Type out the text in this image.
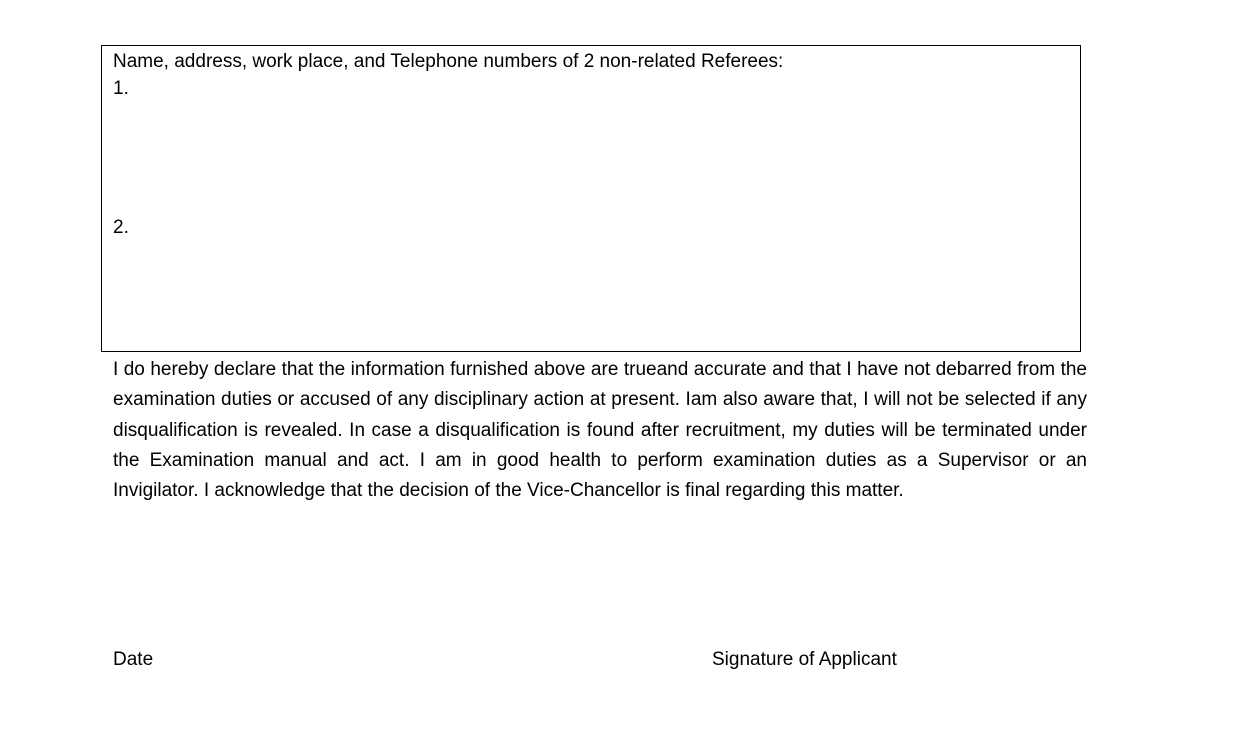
Name, address, work place, and Telephone numbers of 2 non-related Referees:
1.
2.

I do hereby declare that the information furnished above are trueand accurate and that I have not debarred from the examination duties or accused of any disciplinary action at present. Iam also aware that, I will not be selected if any disqualification is revealed. In case a disqualification is found after recruitment, my duties will be terminated under the Examination manual and act. I am in good health to perform examination duties as a Supervisor or an Invigilator. I acknowledge that the decision of the Vice-Chancellor is final regarding this matter.

Date	Signature of Applicant
